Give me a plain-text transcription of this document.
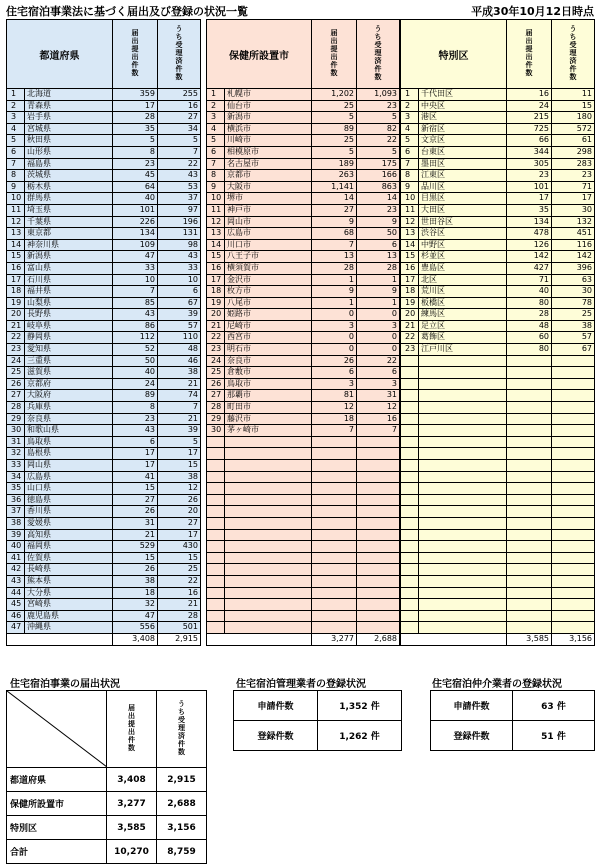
住宅宿泊事業法に基づく届出及び登録の状況一覧	平成30年10月12日時点
都道府県		届出提出件数	うち受理済件数
1	北海道	359	255
2	青森県	17	16
3	岩手県	28	27
4	宮城県	35	34
5	秋田県	5	5
6	山形県	8	7
7	福島県	23	22
8	茨城県	45	43
9	栃木県	64	53
10	群馬県	40	37
11	埼玉県	101	97
12	千葉県	226	196
13	東京都	134	131
14	神奈川県	109	98
15	新潟県	47	43
16	富山県	33	33
17	石川県	10	10
18	福井県	7	6
19	山梨県	85	67
20	長野県	43	39
21	岐阜県	86	57
22	静岡県	112	110
23	愛知県	52	48
24	三重県	50	46
25	滋賀県	40	38
26	京都府	24	21
27	大阪府	89	74
28	兵庫県	8	7
29	奈良県	23	21
30	和歌山県	43	39
31	鳥取県	6	5
32	島根県	17	17
33	岡山県	17	15
34	広島県	41	38
35	山口県	15	12
36	徳島県	27	26
37	香川県	26	20
38	愛媛県	31	27
39	高知県	21	17
40	福岡県	529	430
41	佐賀県	15	15
42	長崎県	26	25
43	熊本県	38	22
44	大分県	18	16
45	宮崎県	32	21
46	鹿児島県	47	28
47	沖縄県	556	501
		3,408	2,915
保健所設置市		届出提出件数	うち受理済件数
1	札幌市	1,202	1,093
2	仙台市	25	23
3	新潟市	5	5
4	横浜市	89	82
5	川崎市	25	22
6	相模原市	5	5
7	名古屋市	189	175
8	京都市	263	166
9	大阪市	1,141	863
10	堺市	14	14
11	神戸市	27	23
12	岡山市	9	9
13	広島市	68	50
14	川口市	7	6
15	八王子市	13	13
16	横須賀市	28	28
17	金沢市	1	1
18	枚方市	9	9
19	八尾市	1	1
20	姫路市	0	0
21	尼崎市	3	3
22	西宮市	0	0
23	明石市	0	0
24	奈良市	26	22
25	倉敷市	6	6
26	鳥取市	3	3
27	那覇市	81	31
28	町田市	12	12
29	藤沢市	18	16
30	茅ヶ崎市	7	7

		3,277	2,688
特別区		届出提出件数	うち受理済件数
1	千代田区	16	11
2	中央区	24	15
3	港区	215	180
4	新宿区	725	572
5	文京区	66	61
6	台東区	344	298
7	墨田区	305	283
8	江東区	23	23
9	品川区	101	71
10	目黒区	17	17
11	大田区	35	30
12	世田谷区	134	132
13	渋谷区	478	451
14	中野区	126	116
15	杉並区	142	142
16	豊島区	427	396
17	北区	71	63
18	荒川区	40	30
19	板橋区	80	78
20	練馬区	28	25
21	足立区	48	38
22	葛飾区	60	57
23	江戸川区	80	67

		3,585	3,156
住宅宿泊事業の届出状況
	届出提出件数	うち受理済件数
都道府県	3,408	2,915
保健所設置市	3,277	2,688
特別区	3,585	3,156
合計	10,270	8,759
住宅宿泊管理業者の登録状況
申請件数	1,352 件
登録件数	1,262 件
住宅宿泊仲介業者の登録状況
申請件数	63 件
登録件数	51 件
